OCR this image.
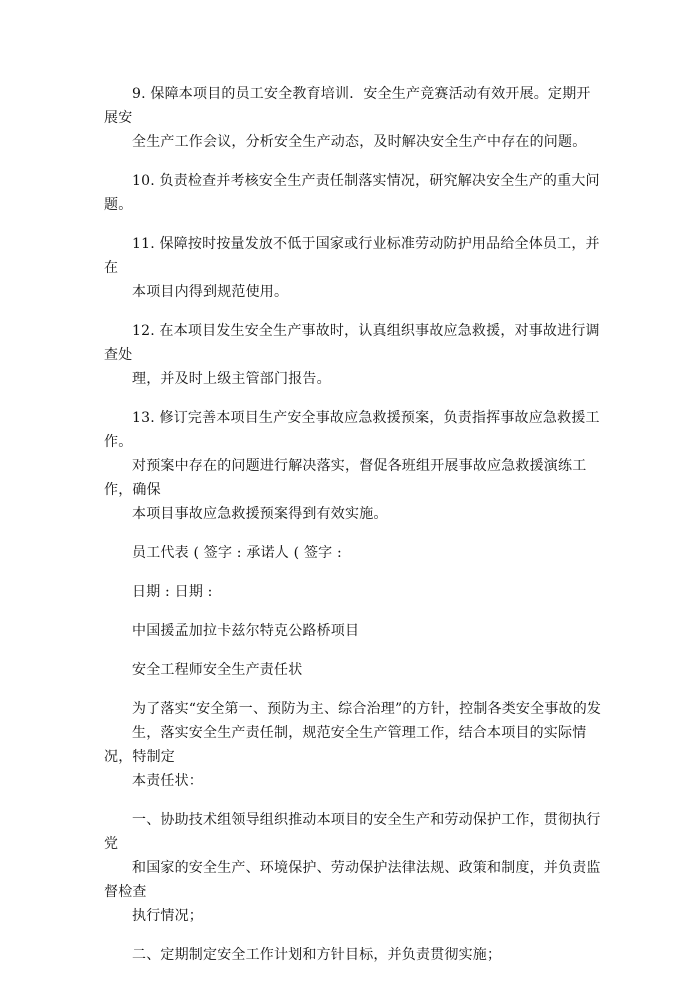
9. 保障本项目的员工安全教育培训．安全生产竞赛活动有效开展。定期开展安
全生产工作会议，分析安全生产动态，及时解决安全生产中存在的问题。

10. 负责检查并考核安全生产责任制落实情况，研究解决安全生产的重大问题。

11. 保障按时按量发放不低于国家或行业标准劳动防护用品给全体员工，并在
本项目内得到规范使用。

12. 在本项目发生安全生产事故时，认真组织事故应急救援，对事故进行调查处
理，并及时上级主管部门报告。

13. 修订完善本项目生产安全事故应急救援预案，负责指挥事故应急救援工作。
对预案中存在的问题进行解决落实，督促各班组开展事故应急救援演练工作，确保
本项目事故应急救援预案得到有效实施。

员工代表 ( 签字 : 承诺人 ( 签字 :

日期 : 日期 :

中国援孟加拉卡兹尔特克公路桥项目

安全工程师安全生产责任状

为了落实“安全第一、预防为主、综合治理”的方针，控制各类安全事故的发
生，落实安全生产责任制，规范安全生产管理工作，结合本项目的实际情况，特制定
本责任状：

一、协助技术组领导组织推动本项目的安全生产和劳动保护工作，贯彻执行党
和国家的安全生产、环境保护、劳动保护法律法规、政策和制度，并负责监督检查
执行情况；

二、定期制定安全工作计划和方针目标，并负责贯彻实施；
